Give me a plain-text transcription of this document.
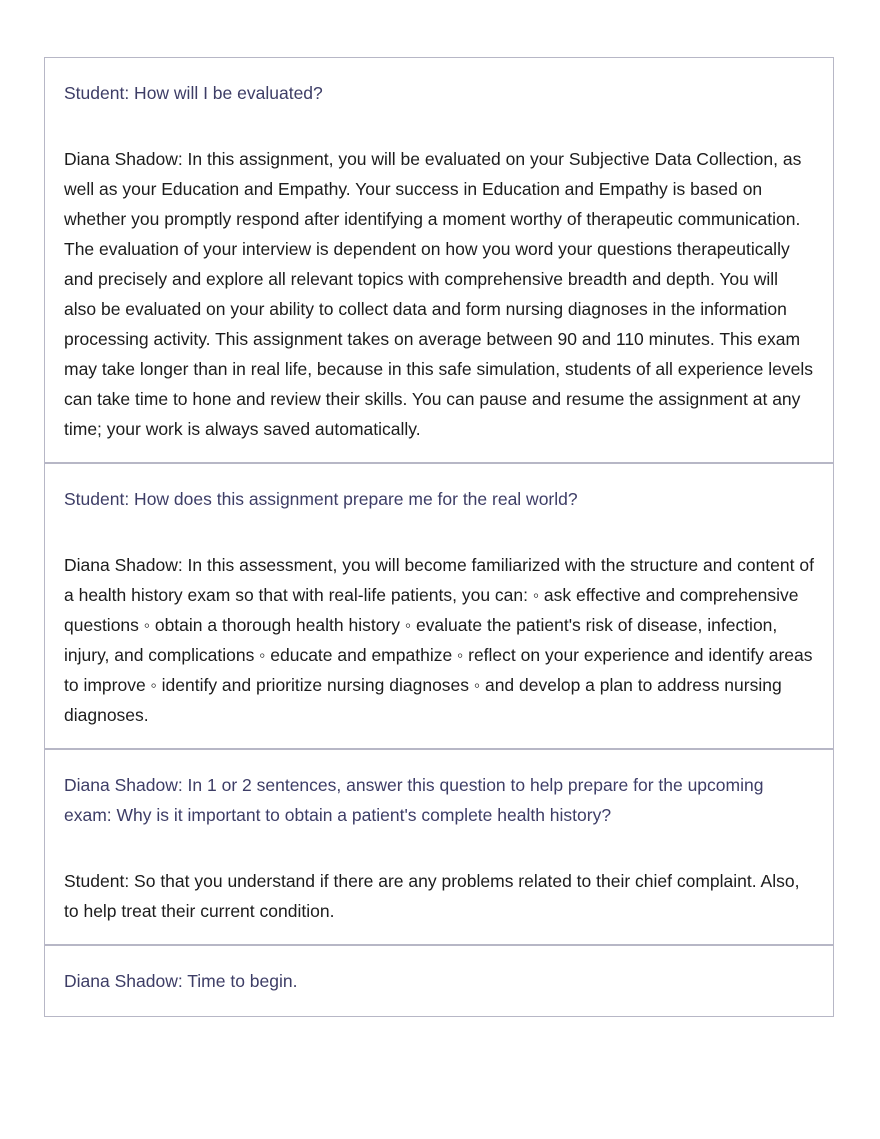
Student: How will I be evaluated?

Diana Shadow: In this assignment, you will be evaluated on your Subjective Data Collection, as well as your Education and Empathy. Your success in Education and Empathy is based on whether you promptly respond after identifying a moment worthy of therapeutic communication. The evaluation of your interview is dependent on how you word your questions therapeutically and precisely and explore all relevant topics with comprehensive breadth and depth. You will also be evaluated on your ability to collect data and form nursing diagnoses in the information processing activity. This assignment takes on average between 90 and 110 minutes. This exam may take longer than in real life, because in this safe simulation, students of all experience levels can take time to hone and review their skills. You can pause and resume the assignment at any time; your work is always saved automatically.

Student: How does this assignment prepare me for the real world?

Diana Shadow: In this assessment, you will become familiarized with the structure and content of a health history exam so that with real-life patients, you can: ◦ ask effective and comprehensive questions ◦ obtain a thorough health history ◦ evaluate the patient's risk of disease, infection, injury, and complications ◦ educate and empathize ◦ reflect on your experience and identify areas to improve ◦ identify and prioritize nursing diagnoses ◦ and develop a plan to address nursing diagnoses.

Diana Shadow: In 1 or 2 sentences, answer this question to help prepare for the upcoming exam: Why is it important to obtain a patient's complete health history?

Student: So that you understand if there are any problems related to their chief complaint. Also, to help treat their current condition.

Diana Shadow: Time to begin.
